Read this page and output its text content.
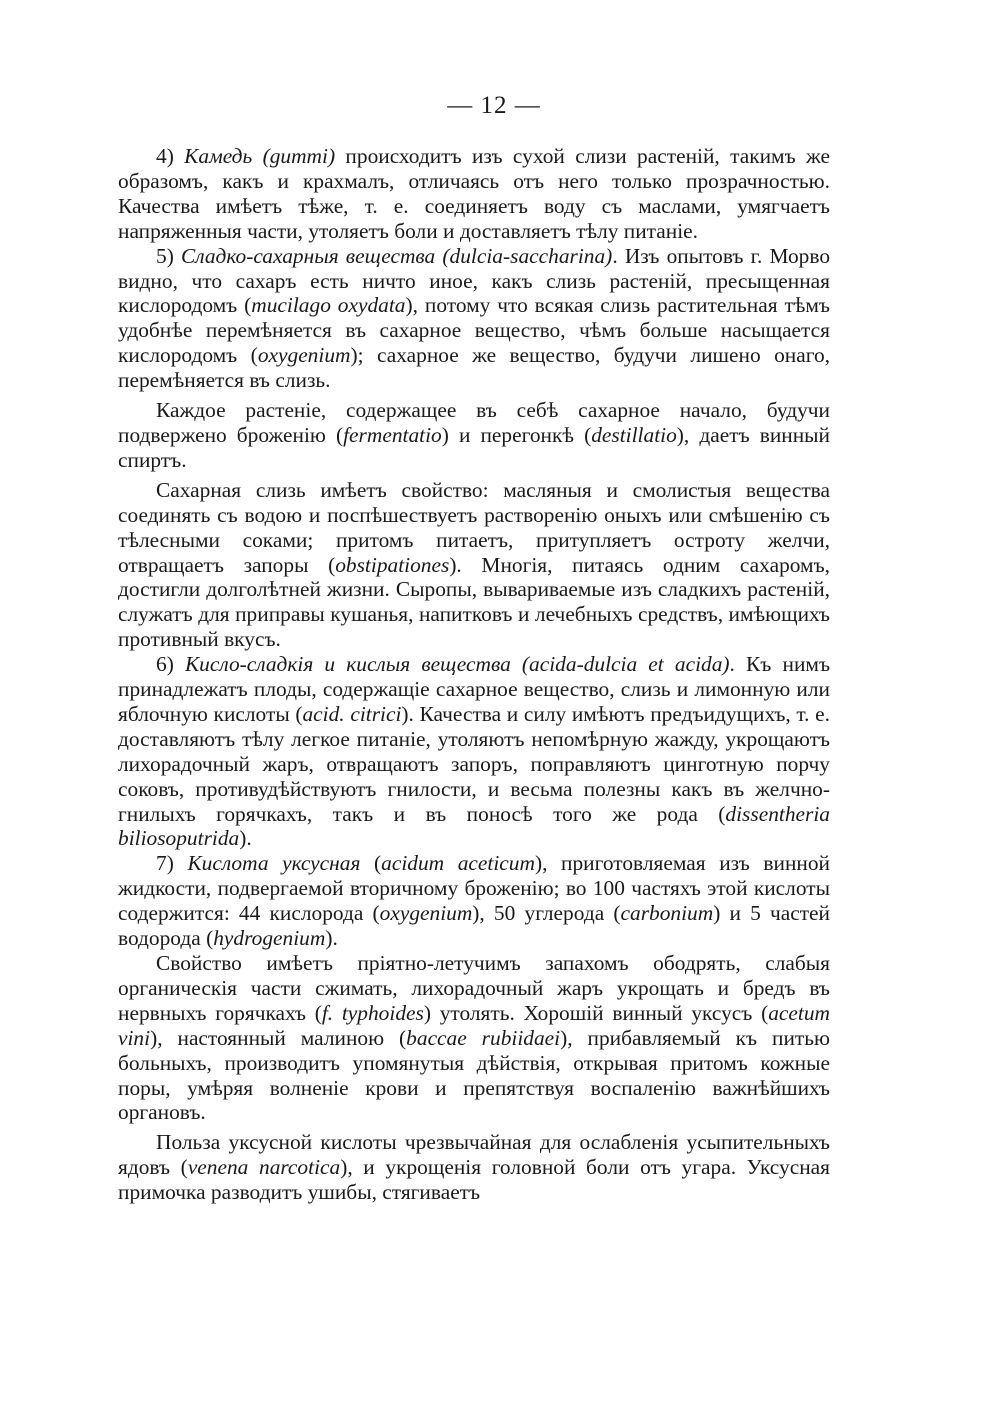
— 12 —

4) Камедь (gummi) происходитъ изъ сухой слизи растеній, такимъ же образомъ, какъ и крахмалъ, отличаясь отъ него только прозрачностью. Качества имѣетъ тѣже, т. е. соединяетъ воду съ маслами, умягчаетъ напряженныя части, утоляетъ боли и доставляетъ тѣлу питаніе.

5) Сладко-сахарныя вещества (dulcia-saccharina). Изъ опытовъ г. Морво видно, что сахаръ есть ничто иное, какъ слизь растеній, пресыщенная кислородомъ (mucilago oxydata), потому что всякая слизь растительная тѣмъ удобнѣе перемѣняется въ сахарное вещество, чѣмъ больше насыщается кислородомъ (oxygenium); сахарное же вещество, будучи лишено онаго, перемѣняется въ слизь.

Каждое растеніе, содержащее въ себѣ сахарное начало, будучи подвержено броженію (fermentatio) и перегонкѣ (destillatio), даетъ винный спиртъ.

Сахарная слизь имѣетъ свойство: масляныя и смолистыя вещества соединять съ водою и поспѣшествуетъ растворенію оныхъ или смѣшенію съ тѣлесными соками; притомъ питаетъ, притупляетъ остроту желчи, отвращаетъ запоры (obstipationes). Многія, питаясь одним сахаромъ, достигли долголѣтней жизни. Сыропы, вывариваемые изъ сладкихъ растеній, служатъ для приправы кушанья, напитковъ и лечебныхъ средствъ, имѣющихъ противный вкусъ.

6) Кисло-сладкія и кислыя вещества (acida-dulcia et acida). Къ нимъ принадлежатъ плоды, содержащіе сахарное вещество, слизь и лимонную или яблочную кислоты (acid. citrici). Качества и силу имѣютъ предъидущихъ, т. е. доставляютъ тѣлу легкое питаніе, утоляютъ непомѣрную жажду, укрощаютъ лихорадочный жаръ, отвращаютъ запоръ, поправляютъ цинготную порчу соковъ, противудѣйствуютъ гнилости, и весьма полезны какъ въ желчно-гнилыхъ горячкахъ, такъ и въ поносѣ того же рода (dissentheria biliosoputrida).

7) Кислота уксусная (acidum aceticum), приготовляемая изъ винной жидкости, подвергаемой вторичному броженію; во 100 частяхъ этой кислоты содержится: 44 кислорода (oxygenium), 50 углерода (carbonium) и 5 частей водорода (hydrogenium).

Свойство имѣетъ пріятно-летучимъ запахомъ ободрять, слабыя органическія части сжимать, лихорадочный жаръ укрощать и бредъ въ нервныхъ горячкахъ (f. typhoides) утолять. Хорошій винный уксусъ (acetum vini), настоянный малиною (baccae rubiidaei), прибавляемый къ питью больныхъ, производитъ упомянутыя дѣйствія, открывая притомъ кожные поры, умѣряя волненіе крови и препятствуя воспаленію важнѣйшихъ органовъ.

Польза уксусной кислоты чрезвычайная для ослабленія усыпительныхъ ядовъ (venena narcotica), и укрощенія головной боли отъ угара. Уксусная примочка разводитъ ушибы, стягиваетъ
